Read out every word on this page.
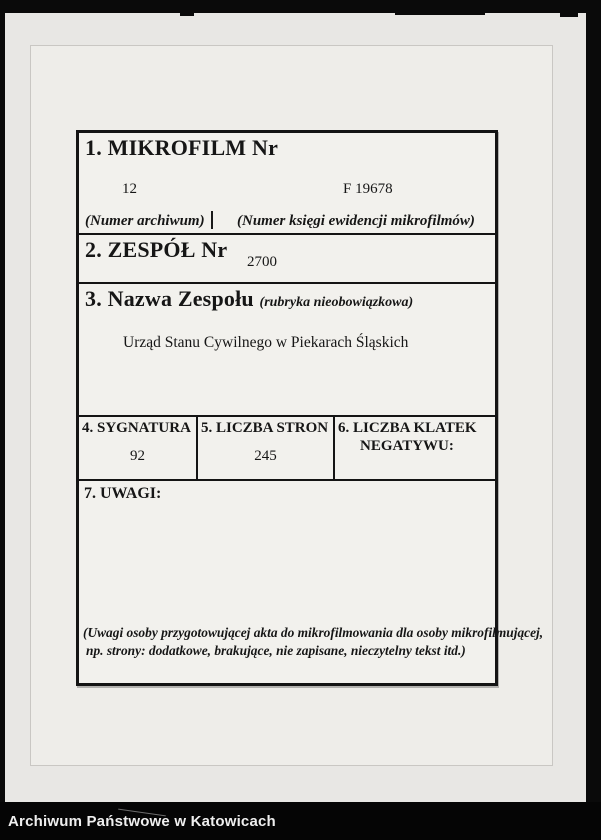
1. MIKROFILM Nr
12	F 19678
(Numer archiwum) (Numer księgi ewidencji mikrofilmów)
2. ZESPÓŁ Nr	2700
3. Nazwa Zespołu (rubryka nieobowiązkowa)
Urząd Stanu Cywilnego w Piekarach Śląskich
4. SYGNATURA
92
5. LICZBA STRON
245
6. LICZBA KLATEK
NEGATYWU:
7. UWAGI:
(Uwagi osoby przygotowującej akta do mikrofilmowania dla osoby mikrofilmującej,
np. strony: dodatkowe, brakujące, nie zapisane, nieczytelny tekst itd.)
Archiwum Państwowe w Katowicach
